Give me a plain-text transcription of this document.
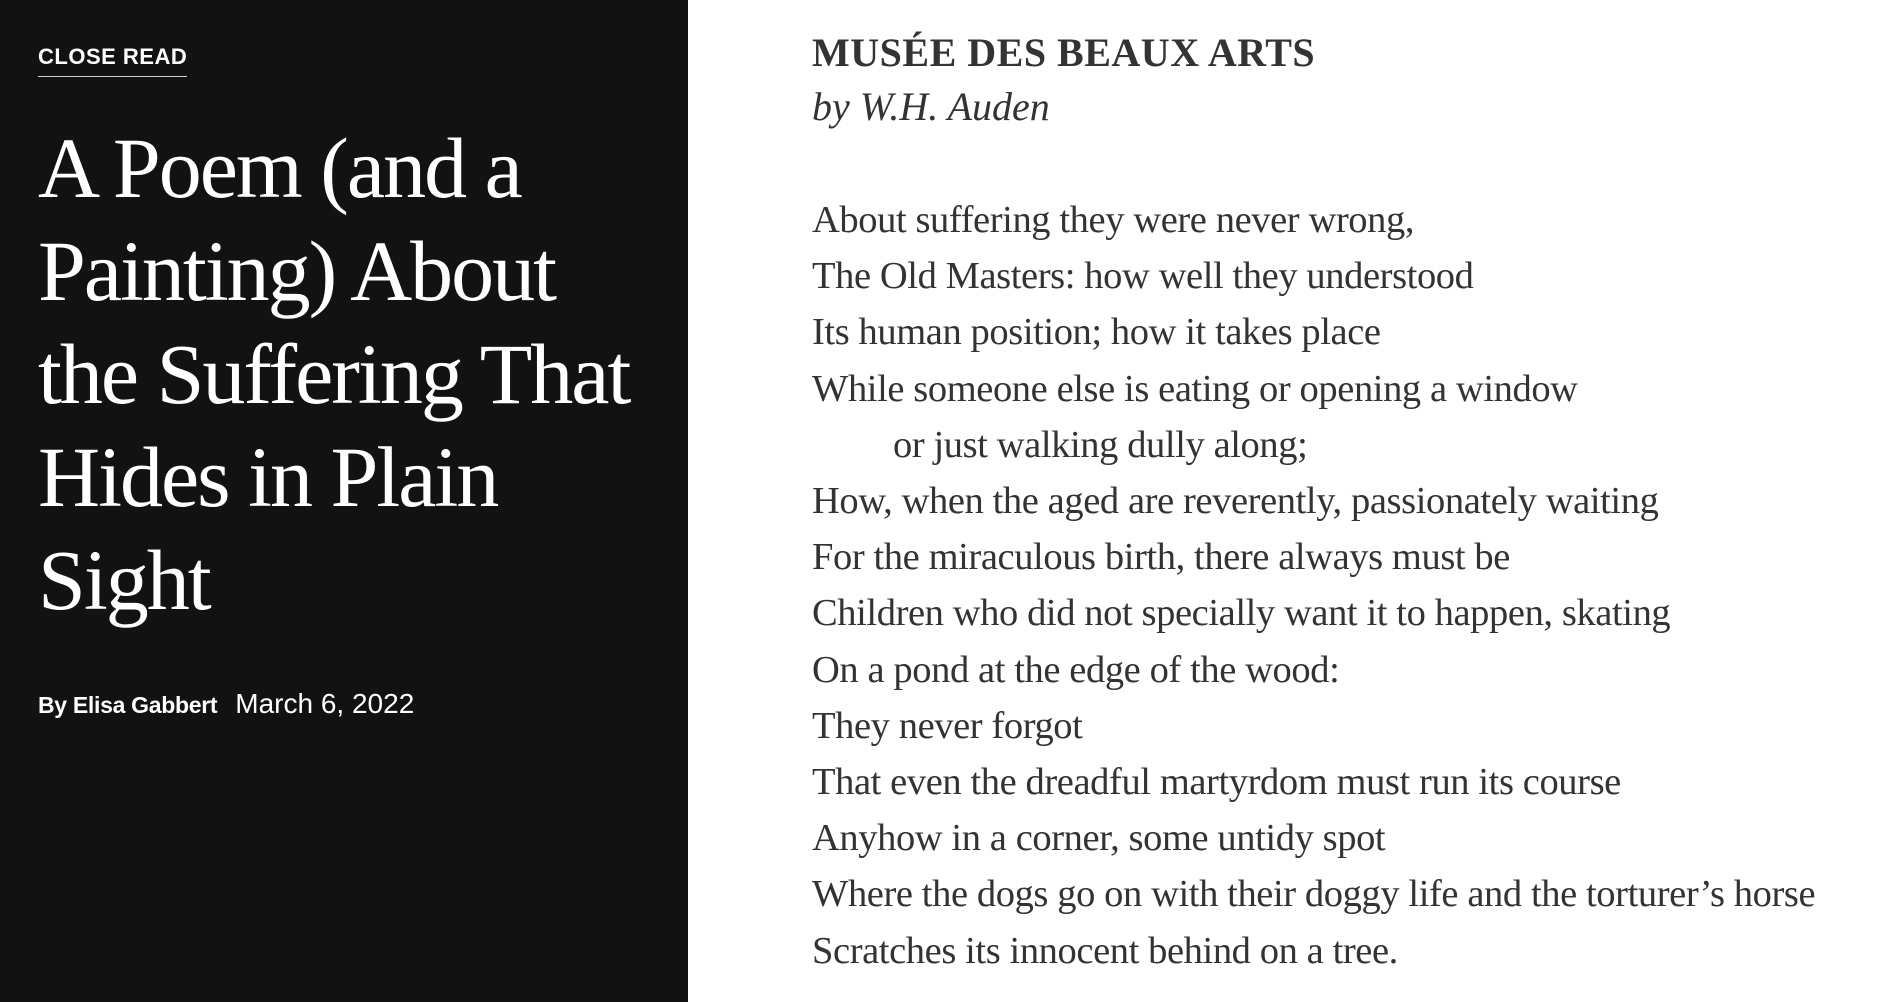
CLOSE READ
A Poem (and a Painting) About the Suffering That Hides in Plain Sight
By Elisa Gabbert March 6, 2022
MUSÉE DES BEAUX ARTS

by W.H. Auden

About suffering they were never wrong,
The Old Masters: how well they understood
Its human position; how it takes place
While someone else is eating or opening a window
or just walking dully along;
How, when the aged are reverently, passionately waiting
For the miraculous birth, there always must be
Children who did not specially want it to happen, skating
On a pond at the edge of the wood:
They never forgot
That even the dreadful martyrdom must run its course
Anyhow in a corner, some untidy spot
Where the dogs go on with their doggy life and the torturer’s horse
Scratches its innocent behind on a tree.
